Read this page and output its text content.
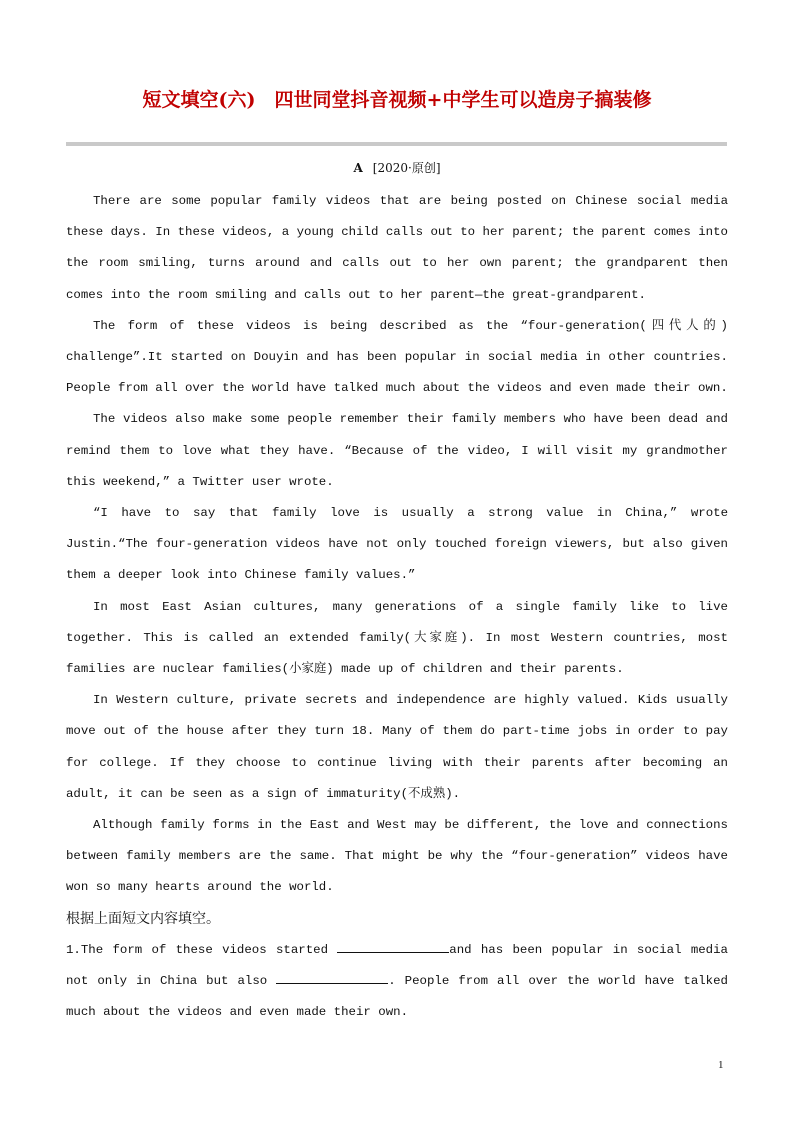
短文填空(六)　四世同堂抖音视频+中学生可以造房子搞装修
A [2020·原创]

There are some popular family videos that are being posted on Chinese social media these days. In these videos, a young child calls out to her parent; the parent comes into the room smiling, turns around and calls out to her own parent; the grandparent then comes into the room smiling and calls out to her parent—the great-grandparent.

The form of these videos is being described as the “four-generation(四代人的) challenge”.It started on Douyin and has been popular in social media in other countries. People from all over the world have talked much about the videos and even made their own.

The videos also make some people remember their family members who have been dead and remind them to love what they have. “Because of the video, I will visit my grandmother this weekend,” a Twitter user wrote.

“I have to say that family love is usually a strong value in China,” wrote Justin.“The four-generation videos have not only touched foreign viewers, but also given them a deeper look into Chinese family values.”

In most East Asian cultures, many generations of a single family like to live together. This is called an extended family(大家庭). In most Western countries, most families are nuclear families(小家庭) made up of children and their parents.

In Western culture, private secrets and independence are highly valued. Kids usually move out of the house after they turn 18. Many of them do part-time jobs in order to pay for college. If they choose to continue living with their parents after becoming an adult, it can be seen as a sign of immaturity(不成熟).

Although family forms in the East and West may be different, the love and connections between family members are the same. That might be why the “four-generation” videos have won so many hearts around the world.

根据上面短文内容填空。

1.The form of these videos started	and has been popular in social media not only in China but also	. People from all over the world have talked much about the videos and even made their own.

1
